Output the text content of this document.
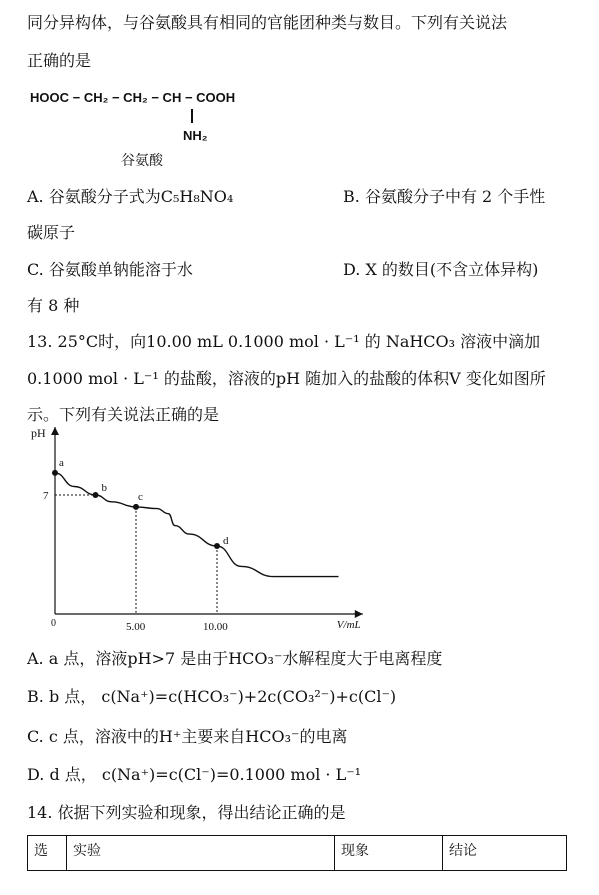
同分异构体，与谷氨酸具有相同的官能团种类与数目。下列有关说法
正确的是
HOOC − CH₂ − CH₂ − CH − COOH
NH₂
谷氨酸
A. 谷氨酸分子式为C₅H₈NO₄	B. 谷氨酸分子中有 2 个手性
碳原子
C. 谷氨酸单钠能溶于水	D. X 的数目(不含立体异构)
有 8 种
13. 25°C时，向10.00 mL 0.1000 mol · L⁻¹ 的 NaHCO₃ 溶液中滴加
0.1000 mol · L⁻¹ 的盐酸，溶液的pH 随加入的盐酸的体积V 变化如图所
示。下列有关说法正确的是
pH
V/mL
0	5.00	10.00
7
a
b
c
d
A. a 点，溶液pH>7 是由于HCO₃⁻水解程度大于电离程度
B. b 点， c(Na⁺)=c(HCO₃⁻)+2c(CO₃²⁻)+c(Cl⁻)
C. c 点，溶液中的H⁺主要来自HCO₃⁻的电离
D. d 点， c(Na⁺)=c(Cl⁻)=0.1000 mol · L⁻¹
14. 依据下列实验和现象，得出结论正确的是
选	实验	现象	结论
